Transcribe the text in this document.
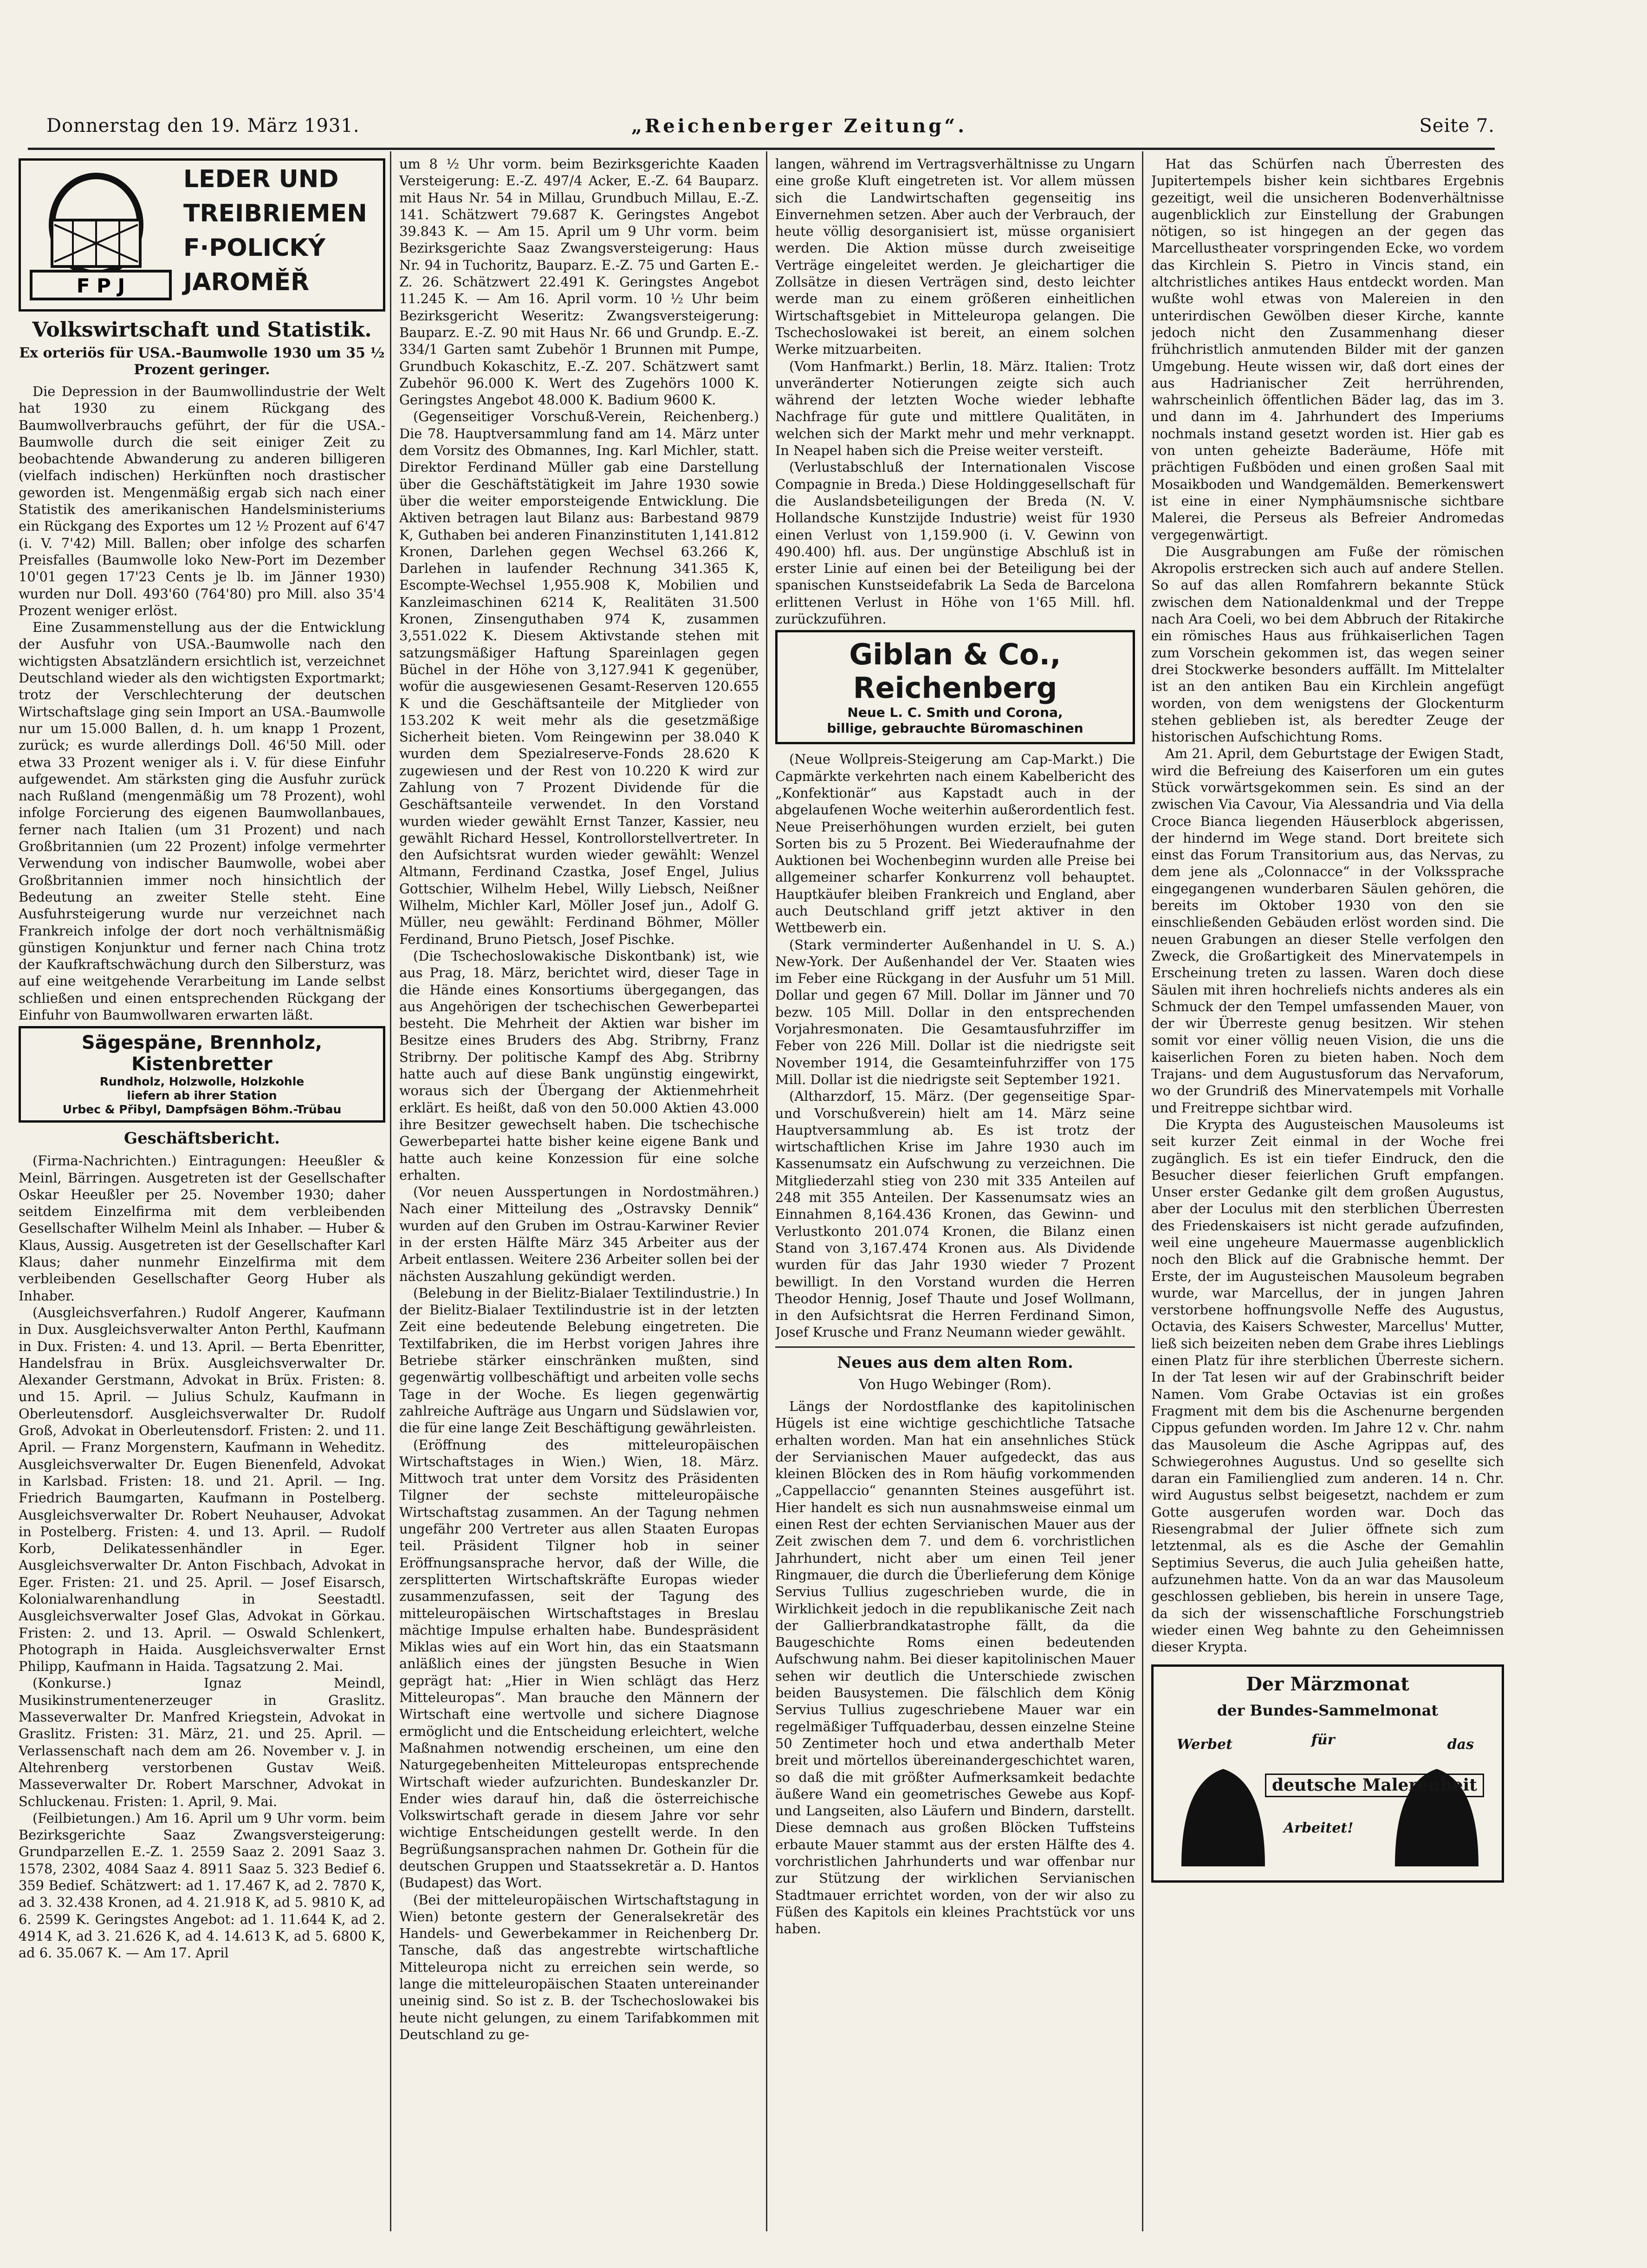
Donnerstag den 19. März 1931.	„Reichenberger Zeitung“.	Seite 7.
F P J
LEDER UND
TREIBRIEMEN
F·POLICKÝ
JAROMĚŘ
Volkswirtschaft und Statistik.
Ex orteriös für USA.-Baumwolle 1930 um 35 ½ Prozent geringer.

Die Depression in der Baumwollindustrie der Welt hat 1930 zu einem Rückgang des Baumwollverbrauchs geführt, der für die USA.-Baumwolle durch die seit einiger Zeit zu beobachtende Abwanderung zu anderen billigeren (vielfach indischen) Herkünften noch drastischer geworden ist. Mengenmäßig ergab sich nach einer Statistik des amerikanischen Handelsministeriums ein Rückgang des Exportes um 12 ½ Prozent auf 6'47 (i. V. 7'42) Mill. Ballen; ober infolge des scharfen Preisfalles (Baumwolle loko New-Port im Dezember 10'01 gegen 17'23 Cents je lb. im Jänner 1930) wurden nur Doll. 493'60 (764'80) pro Mill. also 35'4 Prozent weniger erlöst.

Eine Zusammenstellung aus der die Entwicklung der Ausfuhr von USA.-Baumwolle nach den wichtigsten Absatzländern ersichtlich ist, verzeichnet Deutschland wieder als den wichtigsten Exportmarkt; trotz der Verschlechterung der deutschen Wirtschaftslage ging sein Import an USA.-Baumwolle nur um 15.000 Ballen, d. h. um knapp 1 Prozent, zurück; es wurde allerdings Doll. 46'50 Mill. oder etwa 33 Prozent weniger als i. V. für diese Einfuhr aufgewendet. Am stärksten ging die Ausfuhr zurück nach Rußland (mengenmäßig um 78 Prozent), wohl infolge Forcierung des eigenen Baumwollanbaues, ferner nach Italien (um 31 Prozent) und nach Großbritannien (um 22 Prozent) infolge vermehrter Verwendung von indischer Baumwolle, wobei aber Großbritannien immer noch hinsichtlich der Bedeutung an zweiter Stelle steht. Eine Ausfuhrsteigerung wurde nur verzeichnet nach Frankreich infolge der dort noch verhältnismäßig günstigen Konjunktur und ferner nach China trotz der Kaufkraftschwächung durch den Silbersturz, was auf eine weitgehende Verarbeitung im Lande selbst schließen und einen entsprechenden Rückgang der Einfuhr von Baumwollwaren erwarten läßt.

Sägespäne, Brennholz, Kistenbretter
Rundholz, Holzwolle, Holzkohle
liefern ab ihrer Station
Urbec & Přibyl, Dampfsägen Böhm.-Trübau
Geschäftsbericht.

(Firma-Nachrichten.) Eintragungen: Heeußler & Meinl, Bärringen. Ausgetreten ist der Gesellschafter Oskar Heeußler per 25. November 1930; daher seitdem Einzelfirma mit dem verbleibenden Gesellschafter Wilhelm Meinl als Inhaber. — Huber & Klaus, Aussig. Ausgetreten ist der Gesellschafter Karl Klaus; daher nunmehr Einzelfirma mit dem verbleibenden Gesellschafter Georg Huber als Inhaber.

(Ausgleichsverfahren.) Rudolf Angerer, Kaufmann in Dux. Ausgleichsverwalter Anton Perthl, Kaufmann in Dux. Fristen: 4. und 13. April. — Berta Ebenritter, Handelsfrau in Brüx. Ausgleichsverwalter Dr. Alexander Gerstmann, Advokat in Brüx. Fristen: 8. und 15. April. — Julius Schulz, Kaufmann in Oberleutensdorf. Ausgleichsverwalter Dr. Rudolf Groß, Advokat in Oberleutensdorf. Fristen: 2. und 11. April. — Franz Morgenstern, Kaufmann in Weheditz. Ausgleichsverwalter Dr. Eugen Bienenfeld, Advokat in Karlsbad. Fristen: 18. und 21. April. — Ing. Friedrich Baumgarten, Kaufmann in Postelberg. Ausgleichsverwalter Dr. Robert Neuhauser, Advokat in Postelberg. Fristen: 4. und 13. April. — Rudolf Korb, Delikatessenhändler in Eger. Ausgleichsverwalter Dr. Anton Fischbach, Advokat in Eger. Fristen: 21. und 25. April. — Josef Eisarsch, Kolonialwarenhandlung in Seestadtl. Ausgleichsverwalter Josef Glas, Advokat in Görkau. Fristen: 2. und 13. April. — Oswald Schlenkert, Photograph in Haida. Ausgleichsverwalter Ernst Philipp, Kaufmann in Haida. Tagsatzung 2. Mai.

(Konkurse.) Ignaz Meindl, Musikinstrumentenerzeuger in Graslitz. Masseverwalter Dr. Manfred Kriegstein, Advokat in Graslitz. Fristen: 31. März, 21. und 25. April. — Verlassenschaft nach dem am 26. November v. J. in Altehrenberg verstorbenen Gustav Weiß. Masseverwalter Dr. Robert Marschner, Advokat in Schluckenau. Fristen: 1. April, 9. Mai.

(Feilbietungen.) Am 16. April um 9 Uhr vorm. beim Bezirksgerichte Saaz Zwangsversteigerung: Grundparzellen E.-Z. 1. 2559 Saaz 2. 2091 Saaz 3. 1578, 2302, 4084 Saaz 4. 8911 Saaz 5. 323 Bedief 6. 359 Bedief. Schätzwert: ad 1. 17.467 K, ad 2. 7870 K, ad 3. 32.438 Kronen, ad 4. 21.918 K, ad 5. 9810 K, ad 6. 2599 K. Geringstes Angebot: ad 1. 11.644 K, ad 2. 4914 K, ad 3. 21.626 K, ad 4. 14.613 K, ad 5. 6800 K, ad 6. 35.067 K. — Am 17. April

um 8 ½ Uhr vorm. beim Bezirksgerichte Kaaden Versteigerung: E.-Z. 497/4 Acker, E.-Z. 64 Bauparz. mit Haus Nr. 54 in Millau, Grundbuch Millau, E.-Z. 141. Schätzwert 79.687 K. Geringstes Angebot 39.843 K. — Am 15. April um 9 Uhr vorm. beim Bezirksgerichte Saaz Zwangsversteigerung: Haus Nr. 94 in Tuchoritz, Bauparz. E.-Z. 75 und Garten E.-Z. 26. Schätzwert 22.491 K. Geringstes Angebot 11.245 K. — Am 16. April vorm. 10 ½ Uhr beim Bezirksgericht Weseritz: Zwangsversteigerung: Bauparz. E.-Z. 90 mit Haus Nr. 66 und Grundp. E.-Z. 334/1 Garten samt Zubehör 1 Brunnen mit Pumpe, Grundbuch Kokaschitz, E.-Z. 207. Schätzwert samt Zubehör 96.000 K. Wert des Zugehörs 1000 K. Geringstes Angebot 48.000 K. Badium 9600 K.

(Gegenseitiger Vorschuß-Verein, Reichenberg.) Die 78. Hauptversammlung fand am 14. März unter dem Vorsitz des Obmannes, Ing. Karl Michler, statt. Direktor Ferdinand Müller gab eine Darstellung über die Geschäftstätigkeit im Jahre 1930 sowie über die weiter emporsteigende Entwicklung. Die Aktiven betragen laut Bilanz aus: Barbestand 9879 K, Guthaben bei anderen Finanzinstituten 1,141.812 Kronen, Darlehen gegen Wechsel 63.266 K, Darlehen in laufender Rechnung 341.365 K, Escompte-Wechsel 1,955.908 K, Mobilien und Kanzleimaschinen 6214 K, Realitäten 31.500 Kronen, Zinsenguthaben 974 K, zusammen 3,551.022 K. Diesem Aktivstande stehen mit satzungsmäßiger Haftung Spareinlagen gegen Büchel in der Höhe von 3,127.941 K gegenüber, wofür die ausgewiesenen Gesamt-Reserven 120.655 K und die Geschäftsanteile der Mitglieder von 153.202 K weit mehr als die gesetzmäßige Sicherheit bieten. Vom Reingewinn per 38.040 K wurden dem Spezialreserve-Fonds 28.620 K zugewiesen und der Rest von 10.220 K wird zur Zahlung von 7 Prozent Dividende für die Geschäftsanteile verwendet. In den Vorstand wurden wieder gewählt Ernst Tanzer, Kassier, neu gewählt Richard Hessel, Kontrollorstellvertreter. In den Aufsichtsrat wurden wieder gewählt: Wenzel Altmann, Ferdinand Czastka, Josef Engel, Julius Gottschier, Wilhelm Hebel, Willy Liebsch, Neißner Wilhelm, Michler Karl, Möller Josef jun., Adolf G. Müller, neu gewählt: Ferdinand Böhmer, Möller Ferdinand, Bruno Pietsch, Josef Pischke.

(Die Tschechoslowakische Diskontbank) ist, wie aus Prag, 18. März, berichtet wird, dieser Tage in die Hände eines Konsortiums übergegangen, das aus Angehörigen der tschechischen Gewerbepartei besteht. Die Mehrheit der Aktien war bisher im Besitze eines Bruders des Abg. Stribrny, Franz Stribrny. Der politische Kampf des Abg. Stribrny hatte auch auf diese Bank ungünstig eingewirkt, woraus sich der Übergang der Aktienmehrheit erklärt. Es heißt, daß von den 50.000 Aktien 43.000 ihre Besitzer gewechselt haben. Die tschechische Gewerbepartei hatte bisher keine eigene Bank und hatte auch keine Konzession für eine solche erhalten.

(Vor neuen Ausspertungen in Nordostmähren.) Nach einer Mitteilung des „Ostravsky Dennik“ wurden auf den Gruben im Ostrau-Karwiner Revier in der ersten Hälfte März 345 Arbeiter aus der Arbeit entlassen. Weitere 236 Arbeiter sollen bei der nächsten Auszahlung gekündigt werden.

(Belebung in der Bielitz-Bialaer Textilindustrie.) In der Bielitz-Bialaer Textilindustrie ist in der letzten Zeit eine bedeutende Belebung eingetreten. Die Textilfabriken, die im Herbst vorigen Jahres ihre Betriebe stärker einschränken mußten, sind gegenwärtig vollbeschäftigt und arbeiten volle sechs Tage in der Woche. Es liegen gegenwärtig zahlreiche Aufträge aus Ungarn und Südslawien vor, die für eine lange Zeit Beschäftigung gewährleisten.

(Eröffnung des mitteleuropäischen Wirtschaftstages in Wien.) Wien, 18. März. Mittwoch trat unter dem Vorsitz des Präsidenten Tilgner der sechste mitteleuropäische Wirtschaftstag zusammen. An der Tagung nehmen ungefähr 200 Vertreter aus allen Staaten Europas teil. Präsident Tilgner hob in seiner Eröffnungsansprache hervor, daß der Wille, die zersplitterten Wirtschaftskräfte Europas wieder zusammenzufassen, seit der Tagung des mitteleuropäischen Wirtschaftstages in Breslau mächtige Impulse erhalten habe. Bundespräsident Miklas wies auf ein Wort hin, das ein Staatsmann anläßlich eines der jüngsten Besuche in Wien geprägt hat: „Hier in Wien schlägt das Herz Mitteleuropas“. Man brauche den Männern der Wirtschaft eine wertvolle und sichere Diagnose ermöglicht und die Entscheidung erleichtert, welche Maßnahmen notwendig erscheinen, um eine den Naturgegebenheiten Mitteleuropas entsprechende Wirtschaft wieder aufzurichten. Bundeskanzler Dr. Ender wies darauf hin, daß die österreichische Volkswirtschaft gerade in diesem Jahre vor sehr wichtige Entscheidungen gestellt werde. In den Begrüßungsansprachen nahmen Dr. Gothein für die deutschen Gruppen und Staatssekretär a. D. Hantos (Budapest) das Wort.

(Bei der mitteleuropäischen Wirtschaftstagung in Wien) betonte gestern der Generalsekretär des Handels- und Gewerbekammer in Reichenberg Dr. Tansche, daß das angestrebte wirtschaftliche Mitteleuropa nicht zu erreichen sein werde, so lange die mitteleuropäischen Staaten untereinander uneinig sind. So ist z. B. der Tschechoslowakei bis heute nicht gelungen, zu einem Tarifabkommen mit Deutschland zu ge-

langen, während im Vertragsverhältnisse zu Ungarn eine große Kluft eingetreten ist. Vor allem müssen sich die Landwirtschaften gegenseitig ins Einvernehmen setzen. Aber auch der Verbrauch, der heute völlig desorganisiert ist, müsse organisiert werden. Die Aktion müsse durch zweiseitige Verträge eingeleitet werden. Je gleichartiger die Zollsätze in diesen Verträgen sind, desto leichter werde man zu einem größeren einheitlichen Wirtschaftsgebiet in Mitteleuropa gelangen. Die Tschechoslowakei ist bereit, an einem solchen Werke mitzuarbeiten.

(Vom Hanfmarkt.) Berlin, 18. März. Italien: Trotz unveränderter Notierungen zeigte sich auch während der letzten Woche wieder lebhafte Nachfrage für gute und mittlere Qualitäten, in welchen sich der Markt mehr und mehr verknappt. In Neapel haben sich die Preise weiter versteift.

(Verlustabschluß der Internationalen Viscose Compagnie in Breda.) Diese Holdinggesellschaft für die Auslandsbeteiligungen der Breda (N. V. Hollandsche Kunstzijde Industrie) weist für 1930 einen Verlust von 1,159.900 (i. V. Gewinn von 490.400) hfl. aus. Der ungünstige Abschluß ist in erster Linie auf einen bei der Beteiligung bei der spanischen Kunstseidefabrik La Seda de Barcelona erlittenen Verlust in Höhe von 1'65 Mill. hfl. zurückzuführen.

Giblan & Co., Reichenberg
Neue L. C. Smith und Corona,
billige, gebrauchte Büromaschinen

(Neue Wollpreis-Steigerung am Cap-Markt.) Die Capmärkte verkehrten nach einem Kabelbericht des „Konfektionär“ aus Kapstadt auch in der abgelaufenen Woche weiterhin außerordentlich fest. Neue Preiserhöhungen wurden erzielt, bei guten Sorten bis zu 5 Prozent. Bei Wiederaufnahme der Auktionen bei Wochenbeginn wurden alle Preise bei allgemeiner scharfer Konkurrenz voll behauptet. Hauptkäufer bleiben Frankreich und England, aber auch Deutschland griff jetzt aktiver in den Wettbewerb ein.

(Stark verminderter Außenhandel in U. S. A.) New-York. Der Außenhandel der Ver. Staaten wies im Feber eine Rückgang in der Ausfuhr um 51 Mill. Dollar und gegen 67 Mill. Dollar im Jänner und 70 bezw. 105 Mill. Dollar in den entsprechenden Vorjahresmonaten. Die Gesamtausfuhrziffer im Feber von 226 Mill. Dollar ist die niedrigste seit November 1914, die Gesamteinfuhrziffer von 175 Mill. Dollar ist die niedrigste seit September 1921.

(Altharzdorf, 15. März. (Der gegenseitige Spar- und Vorschußverein) hielt am 14. März seine Hauptversammlung ab. Es ist trotz der wirtschaftlichen Krise im Jahre 1930 auch im Kassenumsatz ein Aufschwung zu verzeichnen. Die Mitgliederzahl stieg von 230 mit 335 Anteilen auf 248 mit 355 Anteilen. Der Kassenumsatz wies an Einnahmen 8,164.436 Kronen, das Gewinn- und Verlustkonto 201.074 Kronen, die Bilanz einen Stand von 3,167.474 Kronen aus. Als Dividende wurden für das Jahr 1930 wieder 7 Prozent bewilligt. In den Vorstand wurden die Herren Theodor Hennig, Josef Thaute und Josef Wollmann, in den Aufsichtsrat die Herren Ferdinand Simon, Josef Krusche und Franz Neumann wieder gewählt.

Neues aus dem alten Rom.
Von Hugo Webinger (Rom).

Längs der Nordostflanke des kapitolinischen Hügels ist eine wichtige geschichtliche Tatsache erhalten worden. Man hat ein ansehnliches Stück der Servianischen Mauer aufgedeckt, das aus kleinen Blöcken des in Rom häufig vorkommenden „Cappellaccio“ genannten Steines ausgeführt ist. Hier handelt es sich nun ausnahmsweise einmal um einen Rest der echten Servianischen Mauer aus der Zeit zwischen dem 7. und dem 6. vorchristlichen Jahrhundert, nicht aber um einen Teil jener Ringmauer, die durch die Überlieferung dem Könige Servius Tullius zugeschrieben wurde, die in Wirklichkeit jedoch in die republikanische Zeit nach der Gallierbrandkatastrophe fällt, da die Baugeschichte Roms einen bedeutenden Aufschwung nahm. Bei dieser kapitolinischen Mauer sehen wir deutlich die Unterschiede zwischen beiden Bausystemen. Die fälschlich dem König Servius Tullius zugeschriebene Mauer war ein regelmäßiger Tuffquaderbau, dessen einzelne Steine 50 Zentimeter hoch und etwa anderthalb Meter breit und mörtellos übereinandergeschichtet waren, so daß die mit größter Aufmerksamkeit bedachte äußere Wand ein geometrisches Gewebe aus Kopf- und Langseiten, also Läufern und Bindern, darstellt. Diese demnach aus großen Blöcken Tuffsteins erbaute Mauer stammt aus der ersten Hälfte des 4. vorchristlichen Jahrhunderts und war offenbar nur zur Stützung der wirklichen Servianischen Stadtmauer errichtet worden, von der wir also zu Füßen des Kapitols ein kleines Prachtstück vor uns haben.

Hat das Schürfen nach Überresten des Jupitertempels bisher kein sichtbares Ergebnis gezeitigt, weil die unsicheren Bodenverhältnisse augenblicklich zur Einstellung der Grabungen nötigen, so ist hingegen an der gegen das Marcellustheater vorspringenden Ecke, wo vordem das Kirchlein S. Pietro in Vincis stand, ein altchristliches antikes Haus entdeckt worden. Man wußte wohl etwas von Malereien in den unterirdischen Gewölben dieser Kirche, kannte jedoch nicht den Zusammenhang dieser frühchristlich anmutenden Bilder mit der ganzen Umgebung. Heute wissen wir, daß dort eines der aus Hadrianischer Zeit herrührenden, wahrscheinlich öffentlichen Bäder lag, das im 3. und dann im 4. Jahrhundert des Imperiums nochmals instand gesetzt worden ist. Hier gab es von unten geheizte Baderäume, Höfe mit prächtigen Fußböden und einen großen Saal mit Mosaikboden und Wandgemälden. Bemerkenswert ist eine in einer Nymphäumsnische sichtbare Malerei, die Perseus als Befreier Andromedas vergegenwärtigt.

Die Ausgrabungen am Fuße der römischen Akropolis erstrecken sich auch auf andere Stellen. So auf das allen Romfahrern bekannte Stück zwischen dem Nationaldenkmal und der Treppe nach Ara Coeli, wo bei dem Abbruch der Ritakirche ein römisches Haus aus frühkaiserlichen Tagen zum Vorschein gekommen ist, das wegen seiner drei Stockwerke besonders auffällt. Im Mittelalter ist an den antiken Bau ein Kirchlein angefügt worden, von dem wenigstens der Glockenturm stehen geblieben ist, als beredter Zeuge der historischen Aufschichtung Roms.

Am 21. April, dem Geburtstage der Ewigen Stadt, wird die Befreiung des Kaiserforen um ein gutes Stück vorwärtsgekommen sein. Es sind an der zwischen Via Cavour, Via Alessandria und Via della Croce Bianca liegenden Häuserblock abgerissen, der hindernd im Wege stand. Dort breitete sich einst das Forum Transitorium aus, das Nervas, zu dem jene als „Colonnacce“ in der Volkssprache eingegangenen wunderbaren Säulen gehören, die bereits im Oktober 1930 von den sie einschließenden Gebäuden erlöst worden sind. Die neuen Grabungen an dieser Stelle verfolgen den Zweck, die Großartigkeit des Minervatempels in Erscheinung treten zu lassen. Waren doch diese Säulen mit ihren hochreliefs nichts anderes als ein Schmuck der den Tempel umfassenden Mauer, von der wir Überreste genug besitzen. Wir stehen somit vor einer völlig neuen Vision, die uns die kaiserlichen Foren zu bieten haben. Noch dem Trajans- und dem Augustusforum das Nervaforum, wo der Grundriß des Minervatempels mit Vorhalle und Freitreppe sichtbar wird.

Die Krypta des Augusteischen Mausoleums ist seit kurzer Zeit einmal in der Woche frei zugänglich. Es ist ein tiefer Eindruck, den die Besucher dieser feierlichen Gruft empfangen. Unser erster Gedanke gilt dem großen Augustus, aber der Loculus mit den sterblichen Überresten des Friedenskaisers ist nicht gerade aufzufinden, weil eine ungeheure Mauermasse augenblicklich noch den Blick auf die Grabnische hemmt. Der Erste, der im Augusteischen Mausoleum begraben wurde, war Marcellus, der in jungen Jahren verstorbene hoffnungsvolle Neffe des Augustus, Octavia, des Kaisers Schwester, Marcellus' Mutter, ließ sich beizeiten neben dem Grabe ihres Lieblings einen Platz für ihre sterblichen Überreste sichern. In der Tat lesen wir auf der Grabinschrift beider Namen. Vom Grabe Octavias ist ein großes Fragment mit dem bis die Aschenurne bergenden Cippus gefunden worden. Im Jahre 12 v. Chr. nahm das Mausoleum die Asche Agrippas auf, des Schwiegerohnes Augustus. Und so gesellte sich daran ein Familienglied zum anderen. 14 n. Chr. wird Augustus selbst beigesetzt, nachdem er zum Gotte ausgerufen worden war. Doch das Riesengrabmal der Julier öffnete sich zum letztenmal, als es die Asche der Gemahlin Septimius Severus, die auch Julia geheißen hatte, aufzunehmen hatte. Von da an war das Mausoleum geschlossen geblieben, bis herein in unsere Tage, da sich der wissenschaftliche Forschungstrieb wieder einen Weg bahnte zu den Geheimnissen dieser Krypta.

Der Märzmonat
der Bundes-Sammelmonat
Werbet	für	das
deutsche Malerenheit
Arbeitet!
